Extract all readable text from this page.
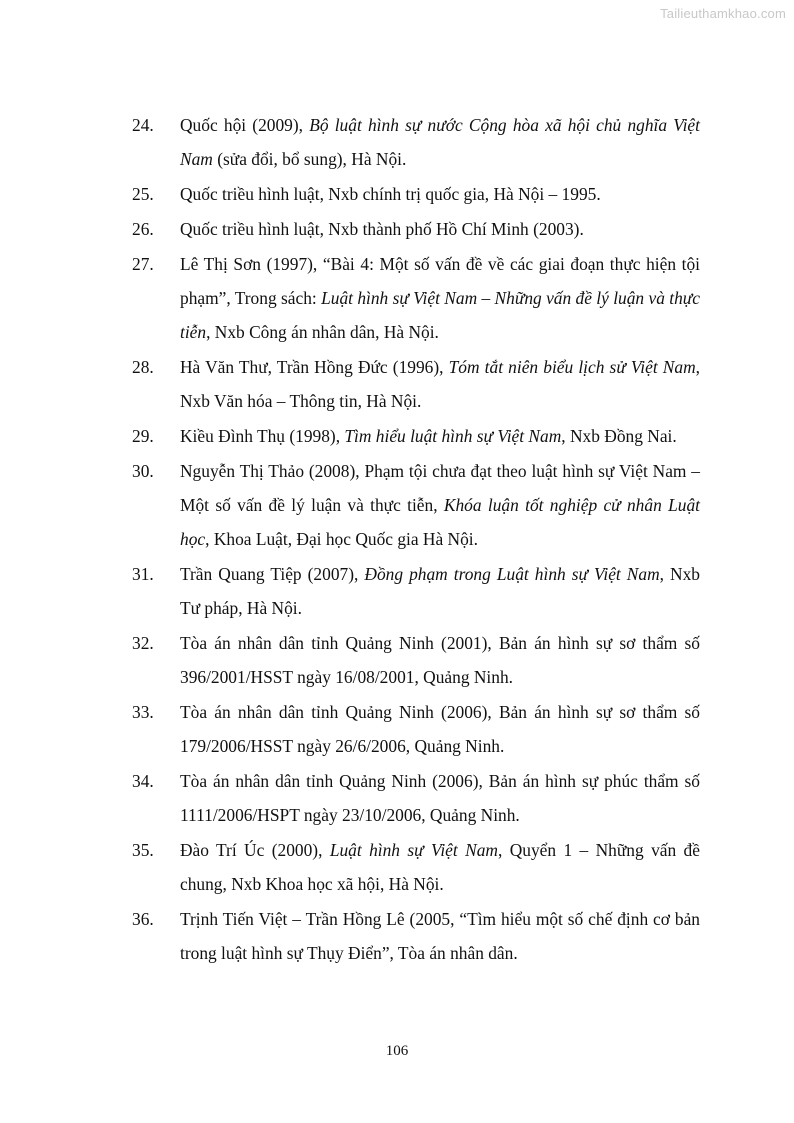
Tailieuthamkhao.com
24.	Quốc hội (2009), Bộ luật hình sự nước Cộng hòa xã hội chủ nghĩa Việt Nam (sửa đổi, bổ sung), Hà Nội.
25.	Quốc triều hình luật, Nxb chính trị quốc gia, Hà Nội – 1995.
26.	Quốc triều hình luật, Nxb thành phố Hồ Chí Minh (2003).
27.	Lê Thị Sơn (1997), “Bài 4: Một số vấn đề về các giai đoạn thực hiện tội phạm”, Trong sách: Luật hình sự Việt Nam – Những vấn đề lý luận và thực tiễn, Nxb Công án nhân dân, Hà Nội.
28.	Hà Văn Thư, Trần Hồng Đức (1996), Tóm tắt niên biểu lịch sử Việt Nam, Nxb Văn hóa – Thông tin, Hà Nội.
29.	Kiều Đình Thụ (1998), Tìm hiểu luật hình sự Việt Nam, Nxb Đồng Nai.
30.	Nguyễn Thị Thảo (2008), Phạm tội chưa đạt theo luật hình sự Việt Nam – Một số vấn đề lý luận và thực tiễn, Khóa luận tốt nghiệp cử nhân Luật học, Khoa Luật, Đại học Quốc gia Hà Nội.
31.	Trần Quang Tiệp (2007), Đồng phạm trong Luật hình sự Việt Nam, Nxb Tư pháp, Hà Nội.
32.	Tòa án nhân dân tỉnh Quảng Ninh (2001), Bản án hình sự sơ thẩm số 396/2001/HSST ngày 16/08/2001, Quảng Ninh.
33.	Tòa án nhân dân tỉnh Quảng Ninh (2006), Bản án hình sự sơ thẩm số 179/2006/HSST ngày 26/6/2006, Quảng Ninh.
34.	Tòa án nhân dân tỉnh Quảng Ninh (2006), Bản án hình sự phúc thẩm số 1111/2006/HSPT ngày 23/10/2006, Quảng Ninh.
35.	Đào Trí Úc (2000), Luật hình sự Việt Nam, Quyển 1 – Những vấn đề chung, Nxb Khoa học xã hội, Hà Nội.
36.	Trịnh Tiến Việt – Trần Hồng Lê (2005, “Tìm hiểu một số chế định cơ bản trong luật hình sự Thụy Điển”, Tòa án nhân dân.
106
